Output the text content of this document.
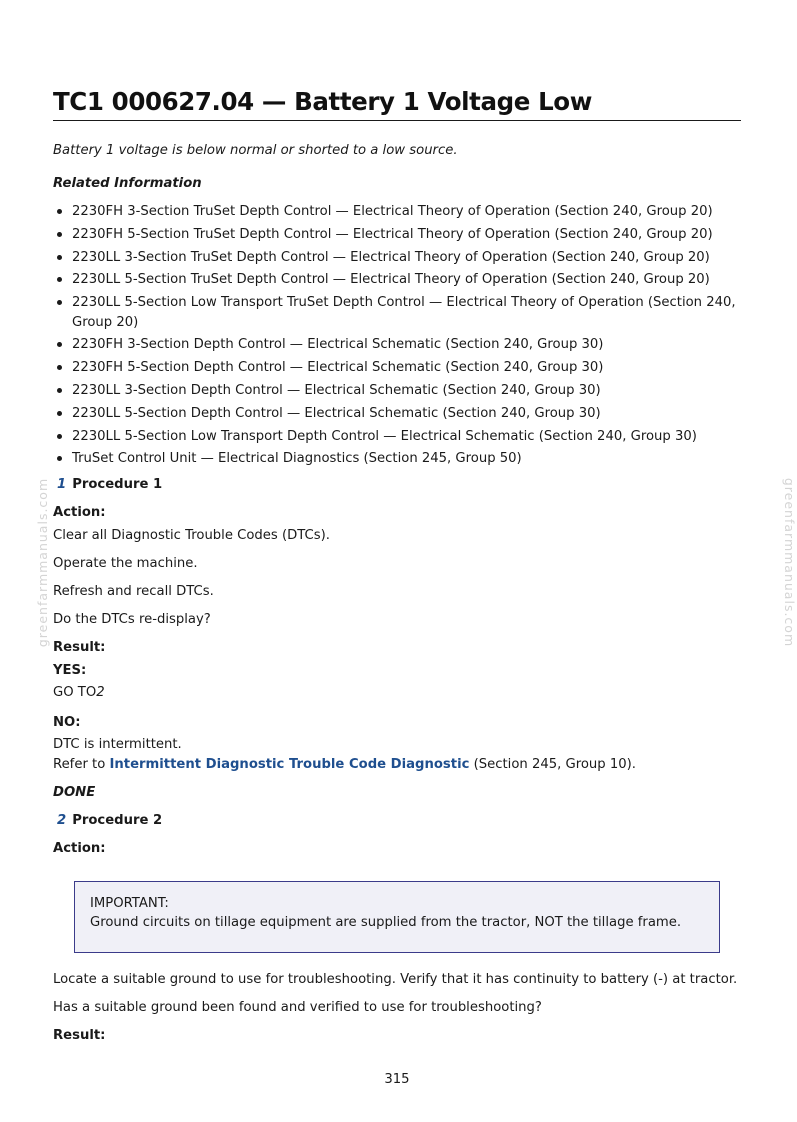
greenfarmmanuals.com	greenfarmmanuals.com
TC1 000627.04 — Battery 1 Voltage Low
Battery 1 voltage is below normal or shorted to a low source.
Related Information
2230FH 3-Section TruSet Depth Control — Electrical Theory of Operation (Section 240, Group 20)
2230FH 5-Section TruSet Depth Control — Electrical Theory of Operation (Section 240, Group 20)
2230LL 3-Section TruSet Depth Control — Electrical Theory of Operation (Section 240, Group 20)
2230LL 5-Section TruSet Depth Control — Electrical Theory of Operation (Section 240, Group 20)
2230LL 5-Section Low Transport TruSet Depth Control — Electrical Theory of Operation (Section 240, Group 20)
2230FH 3-Section Depth Control — Electrical Schematic (Section 240, Group 30)
2230FH 5-Section Depth Control — Electrical Schematic (Section 240, Group 30)
2230LL 3-Section Depth Control — Electrical Schematic (Section 240, Group 30)
2230LL 5-Section Depth Control — Electrical Schematic (Section 240, Group 30)
2230LL 5-Section Low Transport Depth Control — Electrical Schematic (Section 240, Group 30)
TruSet Control Unit — Electrical Diagnostics (Section 245, Group 50)
1 Procedure 1
Action:
Clear all Diagnostic Trouble Codes (DTCs).
Operate the machine.
Refresh and recall DTCs.
Do the DTCs re-display?
Result:
YES:
GO TO2
NO:
DTC is intermittent.
Refer to Intermittent Diagnostic Trouble Code Diagnostic (Section 245, Group 10).
DONE
2 Procedure 2
Action:
IMPORTANT:
Ground circuits on tillage equipment are supplied from the tractor, NOT the tillage frame.
Locate a suitable ground to use for troubleshooting. Verify that it has continuity to battery (-) at tractor.
Has a suitable ground been found and verified to use for troubleshooting?
Result:
315
